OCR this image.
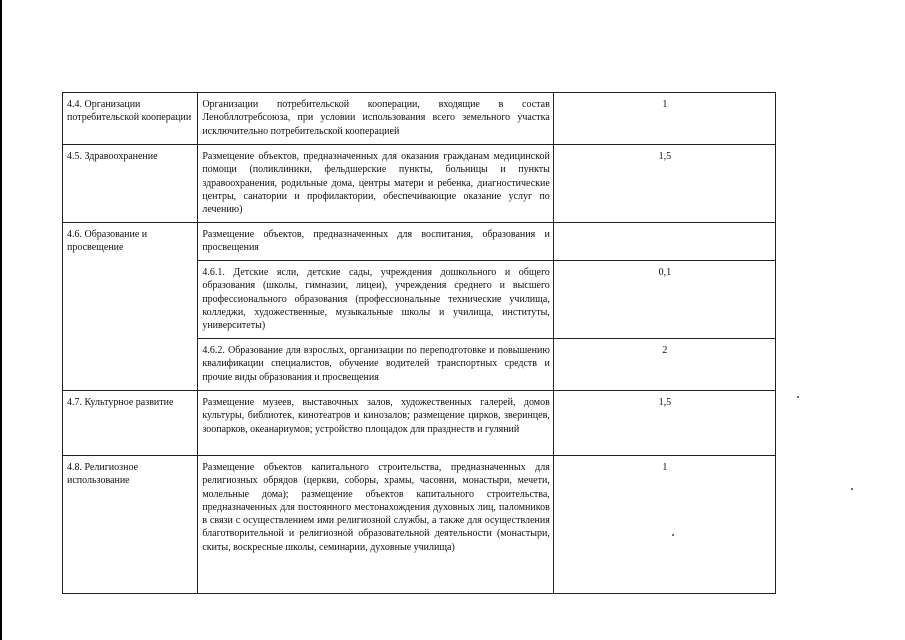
4.4. Организации потребительской кооперации	Организации потребительской кооперации, входящие в состав Ленобллотребсоюза, при условии использования всего земельного участка исключительно потребительской кооперацией	1
4.5. Здравоохранение	Размещение объектов, предназначенных для оказания гражданам медицинской помощи (поликлиники, фельдшерские пункты, больницы и пункты здравоохранения, родильные дома, центры матери и ребенка, диагностические центры, санатории и профилактории, обеспечивающие оказание услуг по лечению)	1,5
4.6. Образование и просвещение	Размещение объектов, предназначенных для воспитания, образования и просвещения	
	4.6.1. Детские ясли, детские сады, учреждения дошкольного и общего образования (школы, гимназии, лицеи), учреждения среднего и высшего профессионального образования (профессиональные технические училища, колледжи, художественные, музыкальные школы и училища, институты, университеты)	0,1
	4.6.2. Образование для взрослых, организации по переподготовке и повышению квалификации специалистов, обучение водителей транспортных средств и прочие виды образования и просвещения	2
4.7. Культурное развитие	Размещение музеев, выставочных залов, художественных галерей, домов культуры, библиотек, кинотеатров и кинозалов; размещение цирков, зверинцев, зоопарков, океанариумов; устройство площадок для празднеств и гуляний	1,5
4.8. Религиозное использование	Размещение объектов капитального строительства, предназначенных для религиозных обрядов (церкви, соборы, храмы, часовни, монастыри, мечети, молельные дома); размещение объектов капитального строительства, предназначенных для постоянного местонахождения духовных лиц, паломников в связи с осуществлением ими религиозной службы, а также для осуществления благотворительной и религиозной образовательной деятельности (монастыри, скиты, воскресные школы, семинарии, духовные училища)	1
